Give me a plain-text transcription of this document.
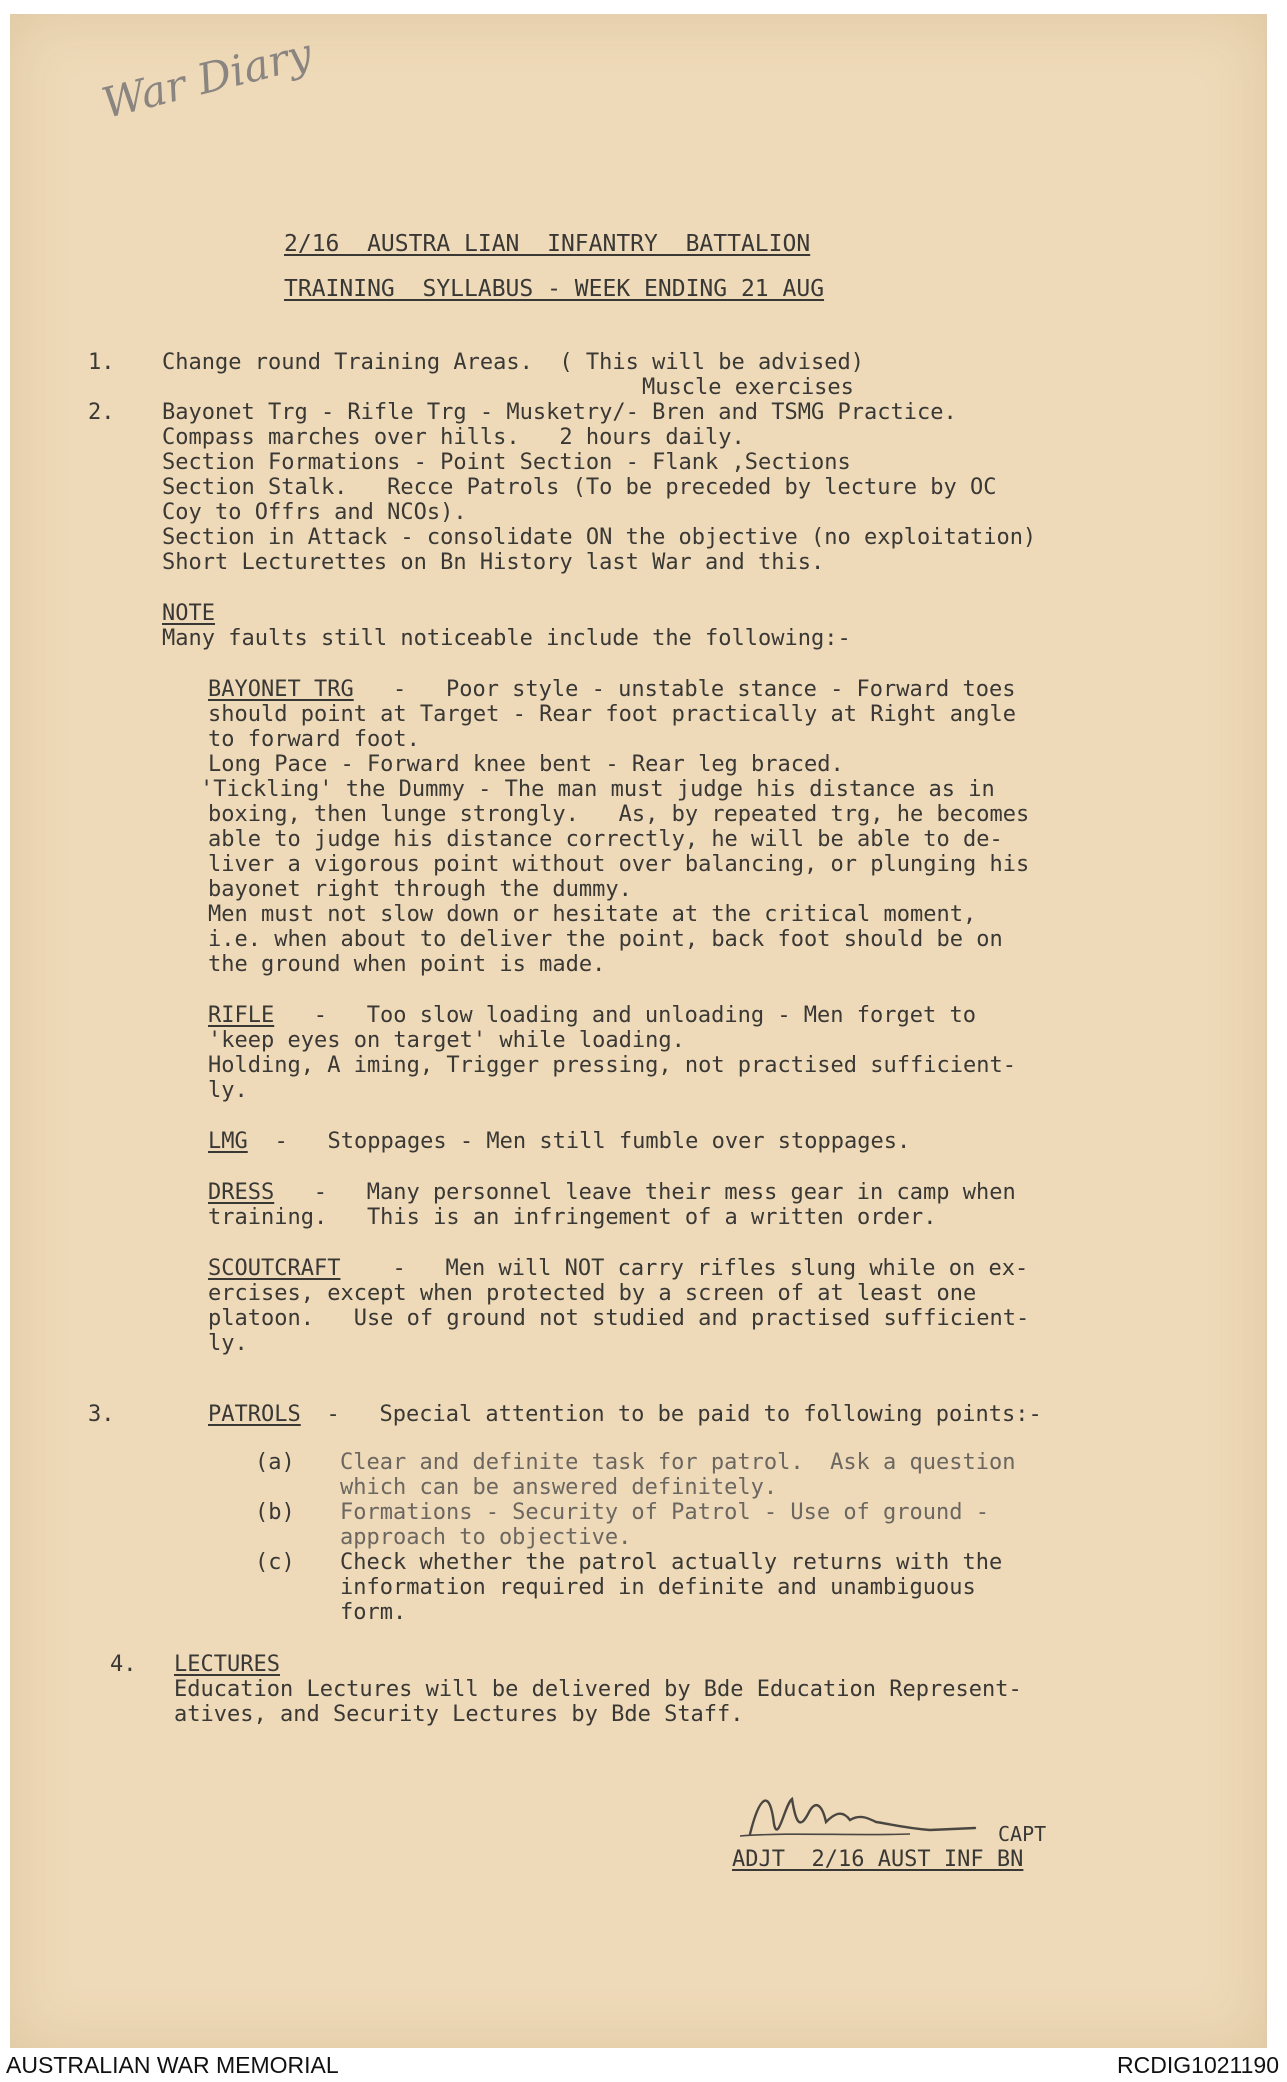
War Diary
2/16  AUSTRA LIAN  INFANTRY  BATTALION
TRAINING  SYLLABUS - WEEK ENDING 21 AUG
1. Change round Training Areas.  ( This will be advised)
Muscle exercises
2. Bayonet Trg - Rifle Trg - Musketry/- Bren and TSMG Practice.
Compass marches over hills.   2 hours daily.
Section Formations - Point Section - Flank ,Sections
Section Stalk.   Recce Patrols (To be preceded by lecture by OC
Coy to Offrs and NCOs).
Section in Attack - consolidate ON the objective (no exploitation)
Short Lecturettes on Bn History last War and this.
NOTE
Many faults still noticeable include the following:-
BAYONET TRG
-   Poor style - unstable stance - Forward toes
should point at Target - Rear foot practically at Right angle
to forward foot.
Long Pace - Forward knee bent - Rear leg braced.
'Tickling' the Dummy - The man must judge his distance as in
boxing, then lunge strongly.   As, by repeated trg, he becomes
able to judge his distance correctly, he will be able to de-
liver a vigorous point without over balancing, or plunging his
bayonet right through the dummy.
Men must not slow down or hesitate at the critical moment,
i.e. when about to deliver the point, back foot should be on
the ground when point is made.
RIFLE -   Too slow loading and unloading - Men forget to
'keep eyes on target' while loading.
Holding, A iming, Trigger pressing, not practised sufficient-
ly.
LMG -   Stoppages - Men still fumble over stoppages.
DRESS -   Many personnel leave their mess gear in camp when
training.   This is an infringement of a written order.
SCOUTCRAFT -   Men will NOT carry rifles slung while on ex-
ercises, except when protected by a screen of at least one
platoon.   Use of ground not studied and practised sufficient-
ly.
3.	PATROLS -   Special attention to be paid to following points:-
(a) Clear and definite task for patrol.  Ask a question
which can be answered definitely.
(b) Formations - Security of Patrol - Use of ground -
approach to objective.
(c) Check whether the patrol actually returns with the
information required in definite and unambiguous
form.
4. LECTURES
Education Lectures will be delivered by Bde Education Represent-
atives, and Security Lectures by Bde Staff.
CAPT
ADJT  2/16 AUST INF BN
AUSTRALIAN WAR MEMORIAL	RCDIG1021190
